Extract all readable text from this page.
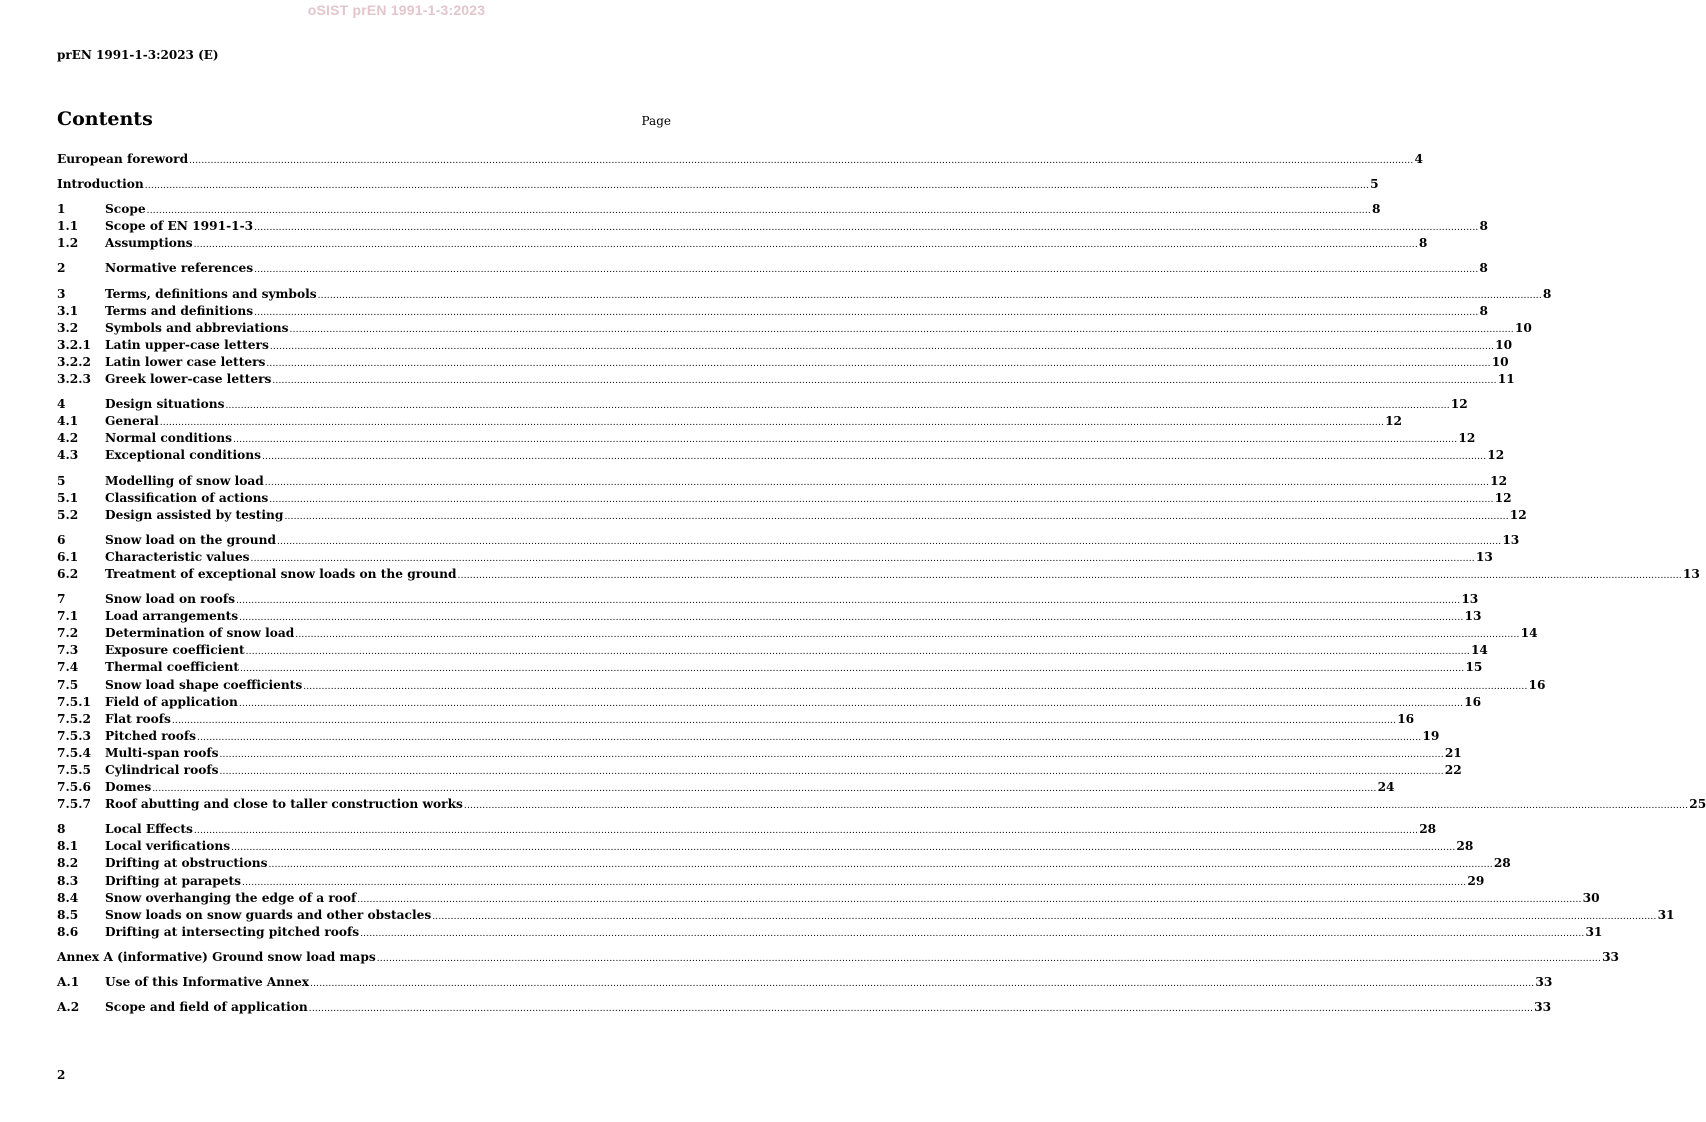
oSIST prEN 1991-1-3:2023
prEN 1991-1-3:2023 (E)
Contents	Page
European foreword ................................................................................................................................................................................................................................................................................................................................................................................................................ 4
Introduction ................................................................................................................................................................................................................................................................................................................................................................................................................ 5
1	Scope ................................................................................................................................................................................................................................................................................................................................................................................................................ 8
1.1	Scope of EN 1991-1-3 ................................................................................................................................................................................................................................................................................................................................................................................................................ 8
1.2	Assumptions ................................................................................................................................................................................................................................................................................................................................................................................................................ 8
2	Normative references ................................................................................................................................................................................................................................................................................................................................................................................................................ 8
3	Terms, definitions and symbols ................................................................................................................................................................................................................................................................................................................................................................................................................ 8
3.1	Terms and definitions ................................................................................................................................................................................................................................................................................................................................................................................................................ 8
3.2	Symbols and abbreviations ................................................................................................................................................................................................................................................................................................................................................................................................................ 10
3.2.1	Latin upper-case letters ................................................................................................................................................................................................................................................................................................................................................................................................................ 10
3.2.2	Latin lower case letters ................................................................................................................................................................................................................................................................................................................................................................................................................ 10
3.2.3	Greek lower-case letters ................................................................................................................................................................................................................................................................................................................................................................................................................ 11
4	Design situations ................................................................................................................................................................................................................................................................................................................................................................................................................ 12
4.1	General ................................................................................................................................................................................................................................................................................................................................................................................................................ 12
4.2	Normal conditions ................................................................................................................................................................................................................................................................................................................................................................................................................ 12
4.3	Exceptional conditions ................................................................................................................................................................................................................................................................................................................................................................................................................ 12
5	Modelling of snow load ................................................................................................................................................................................................................................................................................................................................................................................................................ 12
5.1	Classification of actions ................................................................................................................................................................................................................................................................................................................................................................................................................ 12
5.2	Design assisted by testing ................................................................................................................................................................................................................................................................................................................................................................................................................ 12
6	Snow load on the ground ................................................................................................................................................................................................................................................................................................................................................................................................................ 13
6.1	Characteristic values ................................................................................................................................................................................................................................................................................................................................................................................................................ 13
6.2	Treatment of exceptional snow loads on the ground ................................................................................................................................................................................................................................................................................................................................................................................................................ 13
7	Snow load on roofs ................................................................................................................................................................................................................................................................................................................................................................................................................ 13
7.1	Load arrangements ................................................................................................................................................................................................................................................................................................................................................................................................................ 13
7.2	Determination of snow load ................................................................................................................................................................................................................................................................................................................................................................................................................ 14
7.3	Exposure coefficient ................................................................................................................................................................................................................................................................................................................................................................................................................ 14
7.4	Thermal coefficient ................................................................................................................................................................................................................................................................................................................................................................................................................ 15
7.5	Snow load shape coefficients ................................................................................................................................................................................................................................................................................................................................................................................................................ 16
7.5.1	Field of application ................................................................................................................................................................................................................................................................................................................................................................................................................ 16
7.5.2	Flat roofs ................................................................................................................................................................................................................................................................................................................................................................................................................ 16
7.5.3	Pitched roofs ................................................................................................................................................................................................................................................................................................................................................................................................................ 19
7.5.4	Multi-span roofs ................................................................................................................................................................................................................................................................................................................................................................................................................ 21
7.5.5	Cylindrical roofs ................................................................................................................................................................................................................................................................................................................................................................................................................ 22
7.5.6	Domes ................................................................................................................................................................................................................................................................................................................................................................................................................ 24
7.5.7	Roof abutting and close to taller construction works ................................................................................................................................................................................................................................................................................................................................................................................................................ 25
8	Local Effects ................................................................................................................................................................................................................................................................................................................................................................................................................ 28
8.1	Local verifications ................................................................................................................................................................................................................................................................................................................................................................................................................ 28
8.2	Drifting at obstructions ................................................................................................................................................................................................................................................................................................................................................................................................................ 28
8.3	Drifting at parapets ................................................................................................................................................................................................................................................................................................................................................................................................................ 29
8.4	Snow overhanging the edge of a roof ................................................................................................................................................................................................................................................................................................................................................................................................................ 30
8.5	Snow loads on snow guards and other obstacles ................................................................................................................................................................................................................................................................................................................................................................................................................ 31
8.6	Drifting at intersecting pitched roofs ................................................................................................................................................................................................................................................................................................................................................................................................................ 31
Annex A (informative) Ground snow load maps ................................................................................................................................................................................................................................................................................................................................................................................................................ 33
A.1	Use of this Informative Annex ................................................................................................................................................................................................................................................................................................................................................................................................................ 33
A.2	Scope and field of application ................................................................................................................................................................................................................................................................................................................................................................................................................ 33
2
